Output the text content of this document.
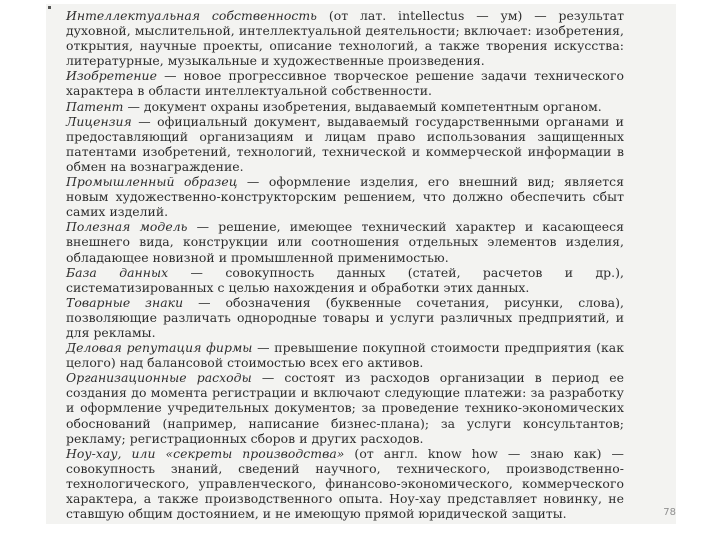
Интеллектуальная собственность (от лат. intellectus — ум) — результат духовной, мыслительной, интеллектуальной деятельности; включает: изобретения, открытия, научные проекты, описание технологий, а также творения искусства: литературные, музыкальные и художественные произведения.

Изобретение — новое прогрессивное творческое решение задачи технического характера в области интеллектуальной собственности.

Патент — документ охраны изобретения, выдаваемый компетентным органом.

Лицензия — официальный документ, выдаваемый государственными органами и предоставляющий организациям и лицам право использования защищенных патентами изобретений, технологий, технической и коммерческой информации в обмен на вознаграждение.

Промышленный образец — оформление изделия, его внешний вид; является новым художественно-конструкторским решением, что должно обеспечить сбыт самих изделий.

Полезная модель — решение, имеющее технический характер и касающееся внешнего вида, конструкции или соотношения отдельных элементов изделия, обладающее новизной и промышленной применимостью.

База данных — совокупность данных (статей, расчетов и др.), систематизированных с целью нахождения и обработки этих данных.

Товарные знаки — обозначения (буквенные сочетания, рисунки, слова), позволяющие различать однородные товары и услуги различных предприятий, и для рекламы.

Деловая репутация фирмы — превышение покупной стоимости предприятия (как целого) над балансовой стоимостью всех его активов.

Организационные расходы — состоят из расходов организации в период ее создания до момента регистрации и включают следующие платежи: за разработку и оформление учредительных документов; за проведение технико-экономических обоснований (например, написание бизнес-плана); за услуги консультантов; рекламу; регистрационных сборов и других расходов.

Ноу-хау, или «секреты производства» (от англ. know how — знаю как) — совокупность знаний, сведений научного, технического, производственно-технологического, управленческого, финансово-экономического, коммерческого характера, а также производственного опыта. Ноу-хау представляет новинку, не ставшую общим достоянием, и не имеющую прямой юридической защиты.	78
